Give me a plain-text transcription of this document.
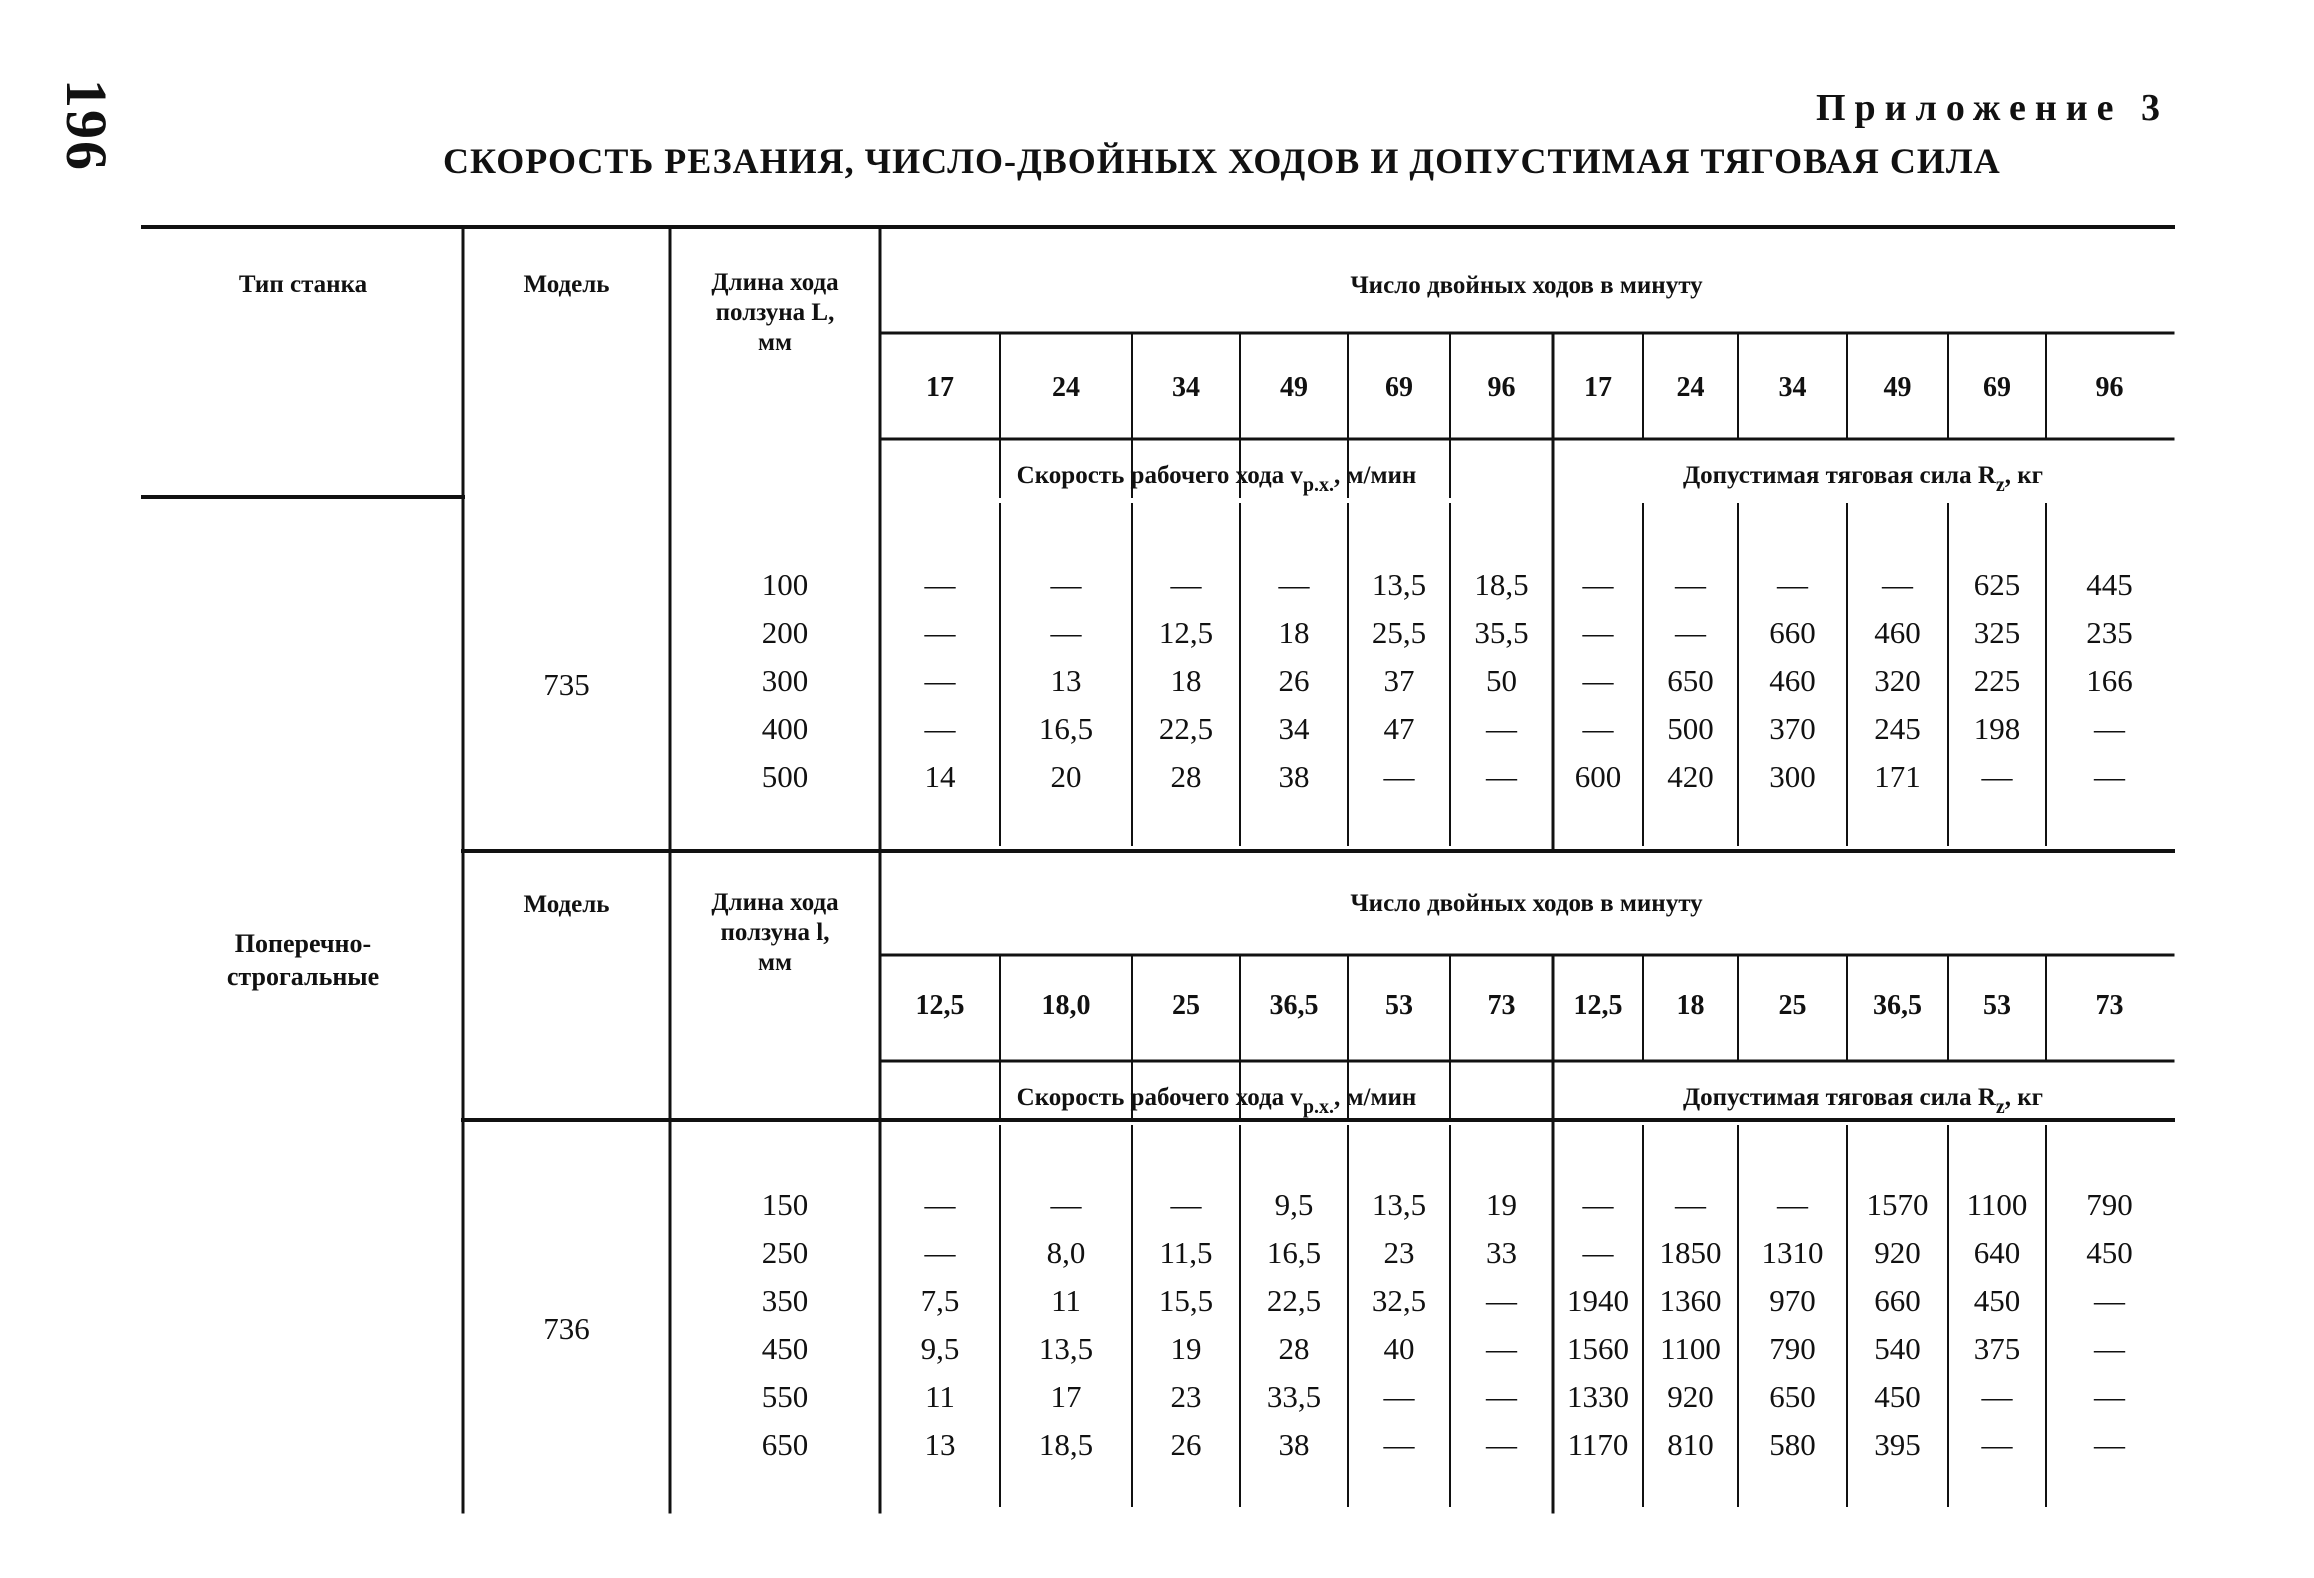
196	Приложение 3
СКОРОСТЬ РЕЗАНИЯ, ЧИСЛО-ДВОЙНЫХ ХОДОВ И ДОПУСТИМАЯ ТЯГОВАЯ СИЛА
Тип станка
Поперечно-
строгальные
Модель	Длина хода
ползуна L,
мм
Число двойных ходов в минуту
17	24	34	49	69	96 17 24	34	49	69	96
Скорость рабочего хода $v_{р.х.}$, м/мин	Допустимая тяговая сила $R_z$, кг
735
100	—	—	— — 13,5 18,5 — — — — 625 445
200	—	— 12,5 18 25,5 35,5 — — 660 460 325 235
300	—	13	18 26 37 50 — 650 460 320 225 166
400	—	16,5 22,5 34 47 — — 500 370 245 198 —
500	14	20	28 38 — — 600 420 300 171 —	—
Модель	Длина хода
ползуна l,
мм
Число двойных ходов в минуту
12,5	18,0	25 36,5 53	73 12,5 18	25 36,5 53	73
Скорость рабочего хода $v_{р.х.}$, м/мин	Допустимая тяговая сила $R_z$, кг
736
150	—	—	— 9,5 13,5 19 — — — 1570 1100 790
250	—	8,0 11,5 16,5 23 33 — 1850 1310 920 640 450
350	7,5	11	15,5 22,5 32,5 — 1940 1360 970 660 450 —
450	9,5	13,5 19 28 40 — 1560 1100 790 540 375 —
550	11	17	23 33,5 — — 1330 920 650 450 —	—
650	13	18,5 26 38 — — 1170 810 580 395 —	—
